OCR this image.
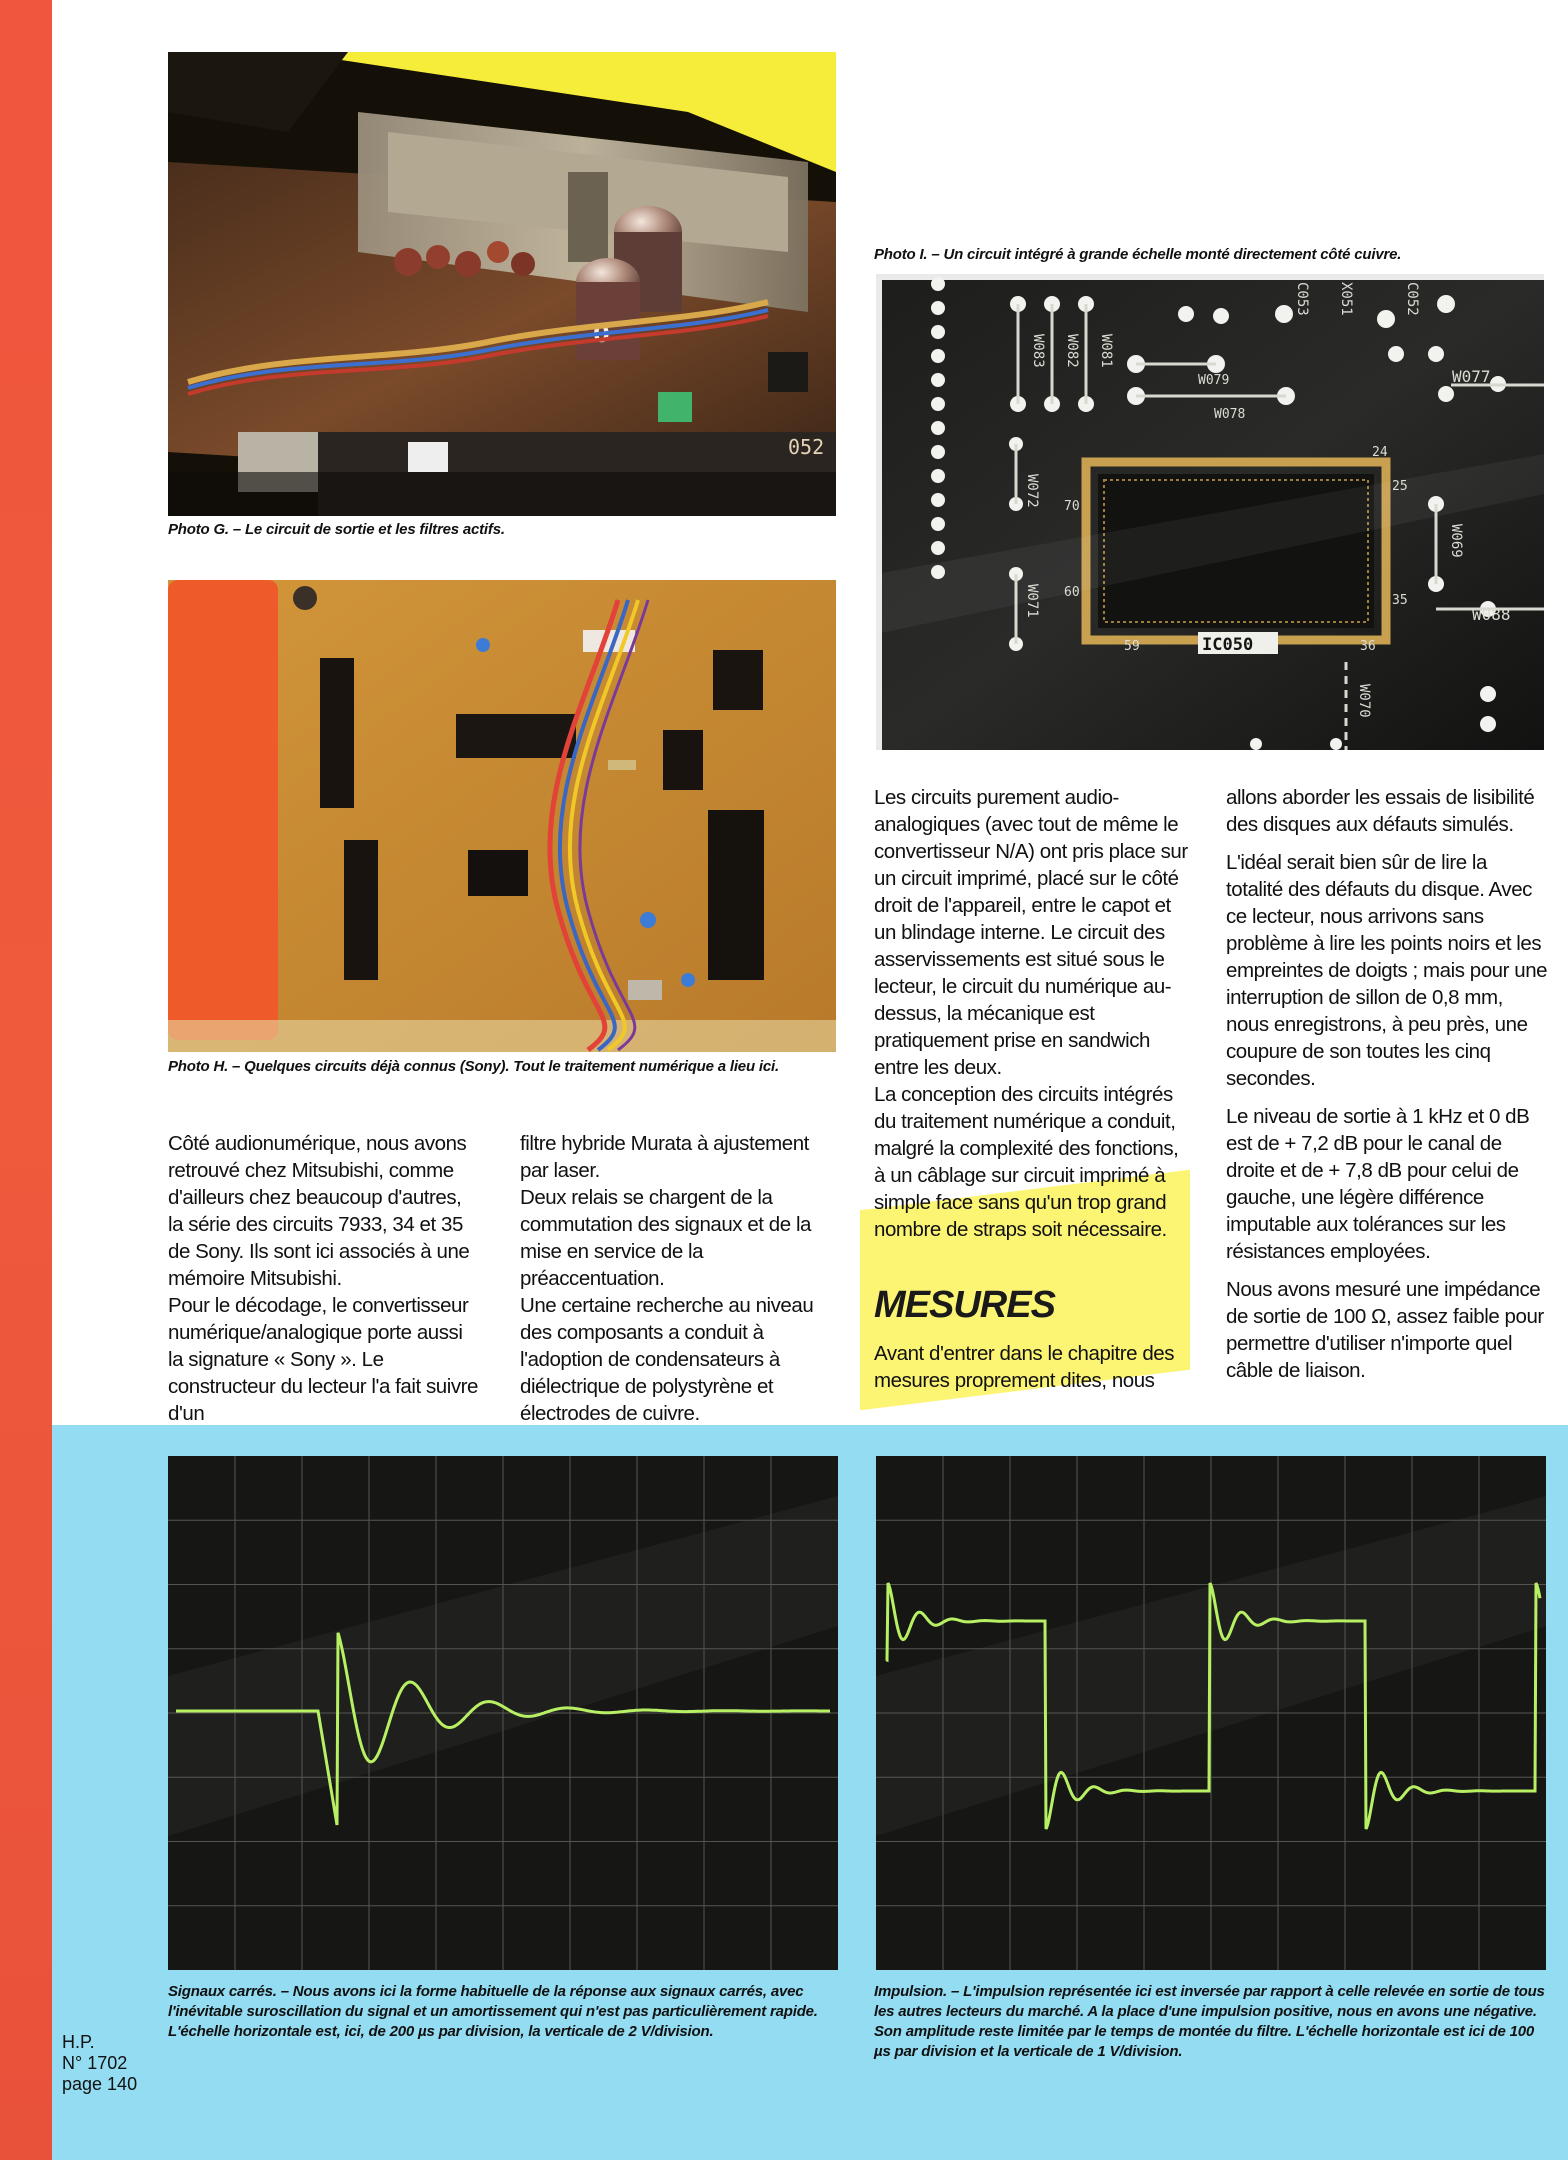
0
052
Photo G. – Le circuit de sortie et les filtres actifs.
Photo H. – Quelques circuits déjà connus (Sony). Tout le traitement numérique a lieu ici.
Photo I. – Un circuit intégré à grande échelle monté directement côté cuivre.
IC050
24
25
35
36
59
60
70
W078
W079	W077
W088
W083 W082 W081
W072
W071
W069
W070
C053 X051	C052

Côté audionumérique, nous avons retrouvé chez Mitsubishi, comme d'ailleurs chez beaucoup d'autres, la série des circuits 7933, 34 et 35 de Sony. Ils sont ici associés à une mémoire Mitsubishi.

Pour le décodage, le convertisseur numérique/analogique porte aussi la signature « Sony ». Le constructeur du lecteur l'a fait suivre d'un

filtre hybride Murata à ajustement par laser.

Deux relais se chargent de la commutation des signaux et de la mise en service de la préaccentuation.

Une certaine recherche au niveau des composants a conduit à l'adoption de condensateurs à diélectrique de polystyrène et électrodes de cuivre.

Les circuits purement audio-analogiques (avec tout de même le convertisseur N/A) ont pris place sur un circuit imprimé, placé sur le côté droit de l'appareil, entre le capot et un blindage interne. Le circuit des asservissements est situé sous le lecteur, le circuit du numérique au-dessus, la mécanique est pratiquement prise en sandwich entre les deux.

La conception des circuits intégrés du traitement numérique a conduit, malgré la complexité des fonctions, à un câblage sur circuit imprimé à simple face sans qu'un trop grand nombre de straps soit nécessaire.

MESURES

Avant d'entrer dans le chapitre des mesures proprement dites, nous

allons aborder les essais de lisibilité des disques aux défauts simulés.

L'idéal serait bien sûr de lire la totalité des défauts du disque. Avec ce lecteur, nous arrivons sans problème à lire les points noirs et les empreintes de doigts ; mais pour une interruption de sillon de 0,8 mm, nous enregistrons, à peu près, une coupure de son toutes les cinq secondes.

Le niveau de sortie à 1 kHz et 0 dB est de + 7,2 dB pour le canal de droite et de + 7,8 dB pour celui de gauche, une légère différence imputable aux tolérances sur les résistances employées.

Nous avons mesuré une impédance de sortie de 100 Ω, assez faible pour permettre d'utiliser n'importe quel câble de liaison.

Signaux carrés. – Nous avons ici la forme habituelle de la réponse aux signaux carrés, avec l'inévitable suroscillation du signal et un amortissement qui n'est pas particulièrement rapide. L'échelle horizontale est, ici, de 200 µs par division, la verticale de 2 V/division.
Impulsion. – L'impulsion représentée ici est inversée par rapport à celle relevée en sortie de tous les autres lecteurs du marché. A la place d'une impulsion positive, nous en avons une négative. Son amplitude reste limitée par le temps de montée du filtre. L'échelle horizontale est ici de 100 µs par division et la verticale de 1 V/division.
H.P.
N° 1702
page 140
